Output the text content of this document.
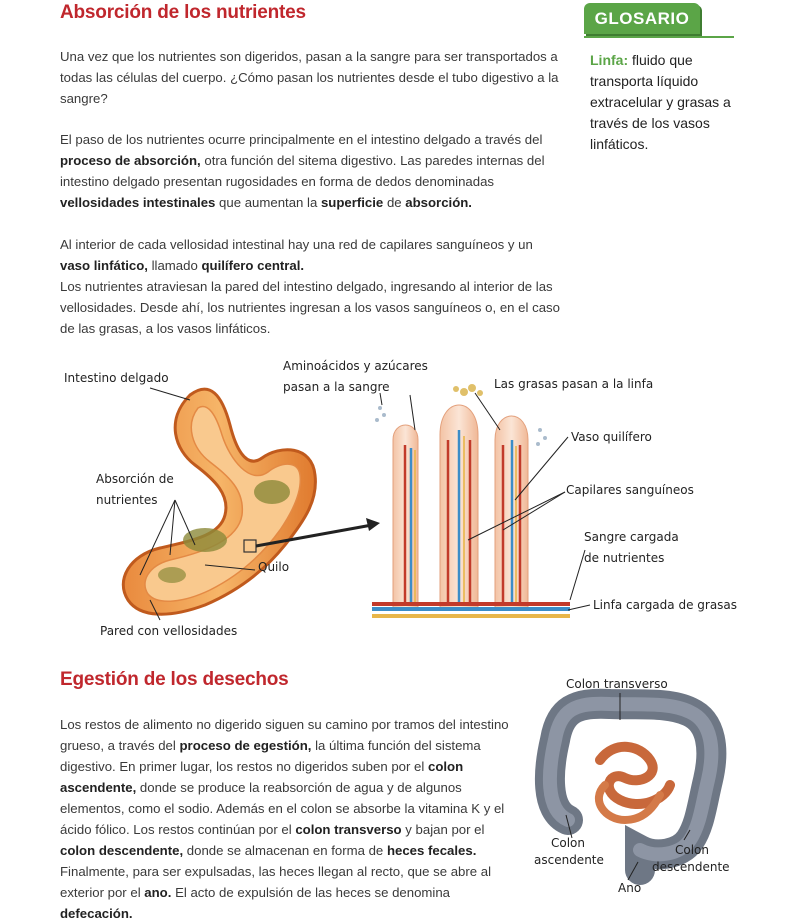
Absorción de los nutrientes
Una vez que los nutrientes son digeridos, pasan a la sangre para ser transportados a todas las células del cuerpo. ¿Cómo pasan los nutrientes desde el tubo digestivo a la sangre?
El paso de los nutrientes ocurre principalmente en el intestino delgado a través del proceso de absorción, otra función del sitema digestivo. Las paredes internas del intestino delgado presentan rugosidades en forma de dedos denominadas vellosidades intestinales que aumentan la superficie de absorción.
Al interior de cada vellosidad intestinal hay una red de capilares sanguíneos y un vaso linfático, llamado quilífero central.
Los nutrientes atraviesan la pared del intestino delgado, ingresando al interior de las vellosidades. Desde ahí, los nutrientes ingresan a los vasos sanguíneos o, en el caso de las grasas, a los vasos linfáticos.
GLOSARIO
Linfa: fluido que transporta líquido extracelular y grasas a través de los vasos linfáticos.
Intestino delgado
Absorción de
nutrientes
Quilo
Pared con vellosidades
Aminoácidos y azúcares
pasan a la sangre	Las grasas pasan a la linfa
Vaso quilífero
Capilares sanguíneos
Sangre cargada
de nutrientes
Linfa cargada de grasas
Egestión de los desechos
Los restos de alimento no digerido siguen su camino por tramos del intestino grueso, a través del proceso de egestión, la última función del sistema digestivo. En primer lugar, los restos no digeridos suben por el colon ascendente, donde se produce la reabsorción de agua y de algunos elementos, como el sodio. Además en el colon se absorbe la vitamina K y el ácido fólico. Los restos continúan por el colon transverso y bajan por el colon descendente, donde se almacenan en forma de heces fecales. Finalmente, para ser expulsadas, las heces llegan al recto, que se abre al exterior por el ano. El acto de expulsión de las heces se denomina defecación.
Colon transverso
Colon
ascendente
Colon
descendente
Ano
